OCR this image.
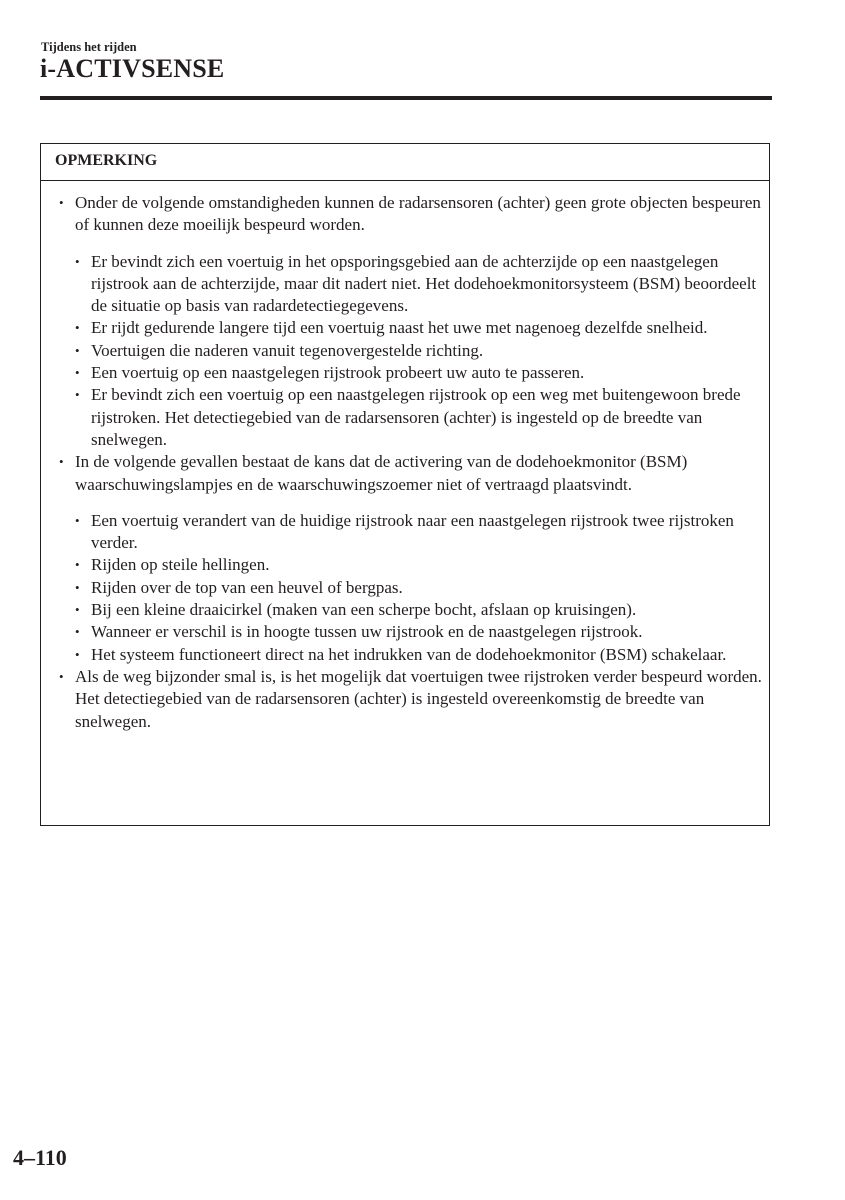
Tijdens het rijden
i-ACTIVSENSE
OPMERKING
• Onder de volgende omstandigheden kunnen de radarsensoren (achter) geen grote objecten bespeuren of kunnen deze moeilijk bespeurd worden.
• Er bevindt zich een voertuig in het opsporingsgebied aan de achterzijde op een naastgelegen rijstrook aan de achterzijde, maar dit nadert niet. Het dodehoekmonitorsysteem (BSM) beoordeelt de situatie op basis van radardetectiegegevens.
• Er rijdt gedurende langere tijd een voertuig naast het uwe met nagenoeg dezelfde snelheid.
• Voertuigen die naderen vanuit tegenovergestelde richting.
• Een voertuig op een naastgelegen rijstrook probeert uw auto te passeren.
• Er bevindt zich een voertuig op een naastgelegen rijstrook op een weg met buitengewoon brede rijstroken. Het detectiegebied van de radarsensoren (achter) is ingesteld op de breedte van snelwegen.
• In de volgende gevallen bestaat de kans dat de activering van de dodehoekmonitor (BSM) waarschuwingslampjes en de waarschuwingszoemer niet of vertraagd plaatsvindt.
• Een voertuig verandert van de huidige rijstrook naar een naastgelegen rijstrook twee rijstroken verder.
• Rijden op steile hellingen.
• Rijden over de top van een heuvel of bergpas.
• Bij een kleine draaicirkel (maken van een scherpe bocht, afslaan op kruisingen).
• Wanneer er verschil is in hoogte tussen uw rijstrook en de naastgelegen rijstrook.
• Het systeem functioneert direct na het indrukken van de dodehoekmonitor (BSM) schakelaar.
• Als de weg bijzonder smal is, is het mogelijk dat voertuigen twee rijstroken verder bespeurd worden. Het detectiegebied van de radarsensoren (achter) is ingesteld overeenkomstig de breedte van snelwegen.
4–110
